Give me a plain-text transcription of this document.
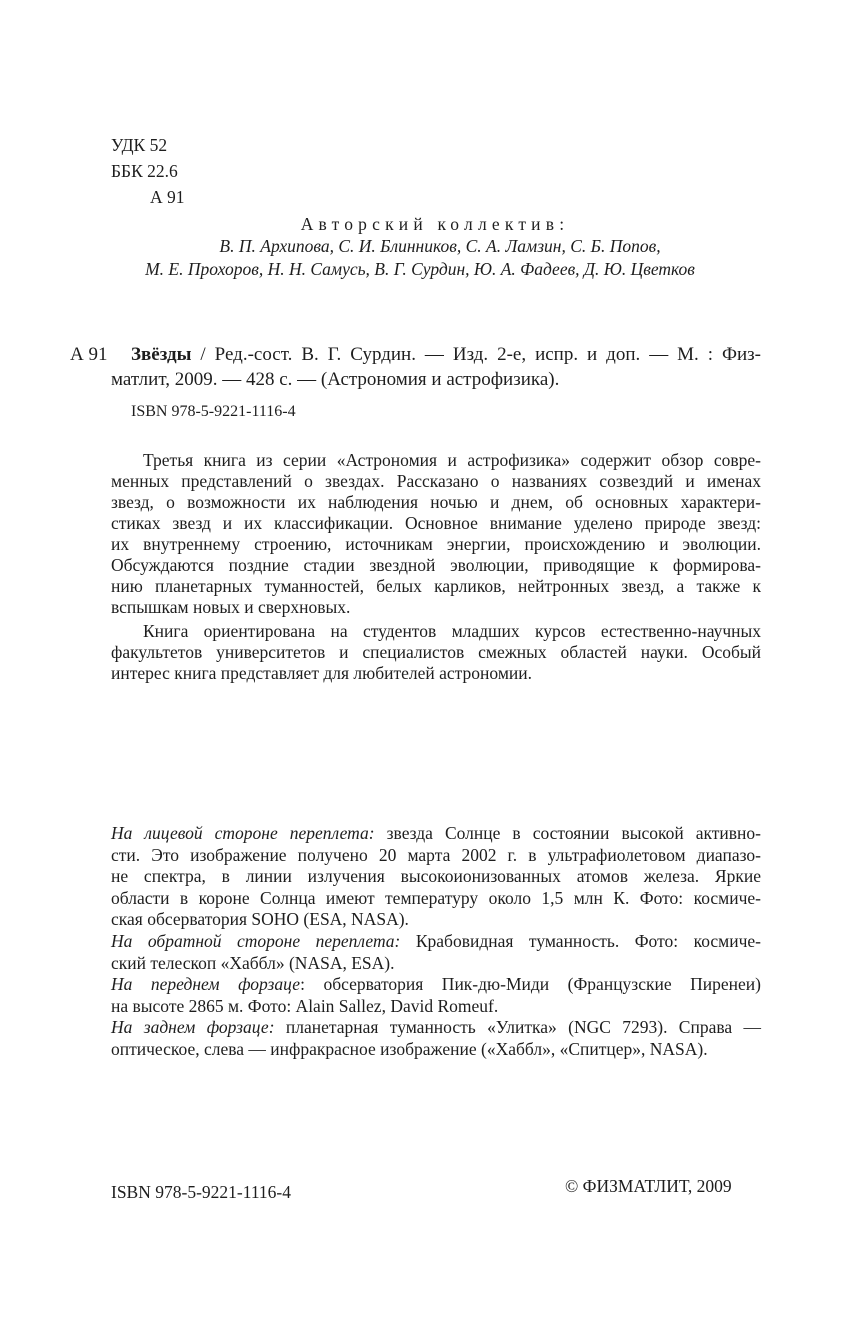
УДК 52
ББК 22.6
А 91
Авторский коллектив:
В. П. Архипова, С. И. Блинников, С. А. Ламзин, С. Б. Попов,
М. Е. Прохоров, Н. Н. Самусь, В. Г. Сурдин, Ю. А. Фадеев, Д. Ю. Цветков
А 91 Звёзды / Ред.-сост. В. Г. Сурдин. — Изд. 2-е, испр. и доп. — М. : Физ-
матлит, 2009. — 428 с. — (Астрономия и астрофизика).
ISBN 978-5-9221-1116-4
Третья книга из серии «Астрономия и астрофизика» содержит обзор совре-
менных представлений о звездах. Рассказано о названиях созвездий и именах
звезд, о возможности их наблюдения ночью и днем, об основных характери-
стиках звезд и их классификации. Основное внимание уделено природе звезд:
их внутреннему строению, источникам энергии, происхождению и эволюции.
Обсуждаются поздние стадии звездной эволюции, приводящие к формирова-
нию планетарных туманностей, белых карликов, нейтронных звезд, а также к
вспышкам новых и сверхновых.
Книга ориентирована на студентов младших курсов естественно-научных
факультетов университетов и специалистов смежных областей науки. Особый
интерес книга представляет для любителей астрономии.
На лицевой стороне переплета: звезда Солнце в состоянии высокой активно-
сти. Это изображение получено 20 марта 2002 г. в ультрафиолетовом диапазо-
не спектра, в линии излучения высокоионизованных атомов железа. Яркие
области в короне Солнца имеют температуру около 1,5 млн К. Фото: космиче-
ская обсерватория SOHO (ESA, NASA).
На обратной стороне переплета: Крабовидная туманность. Фото: космиче-
ский телескоп «Хаббл» (NASA, ESA).
На переднем форзаце: обсерватория Пик-дю-Миди (Французские Пиренеи)
на высоте 2865 м. Фото: Alain Sallez, David Romeuf.
На заднем форзаце: планетарная туманность «Улитка» (NGC 7293). Справа —
оптическое, слева — инфракрасное изображение («Хаббл», «Спитцер», NASA).
ISBN 978-5-9221-1116-4	© ФИЗМАТЛИТ, 2009
